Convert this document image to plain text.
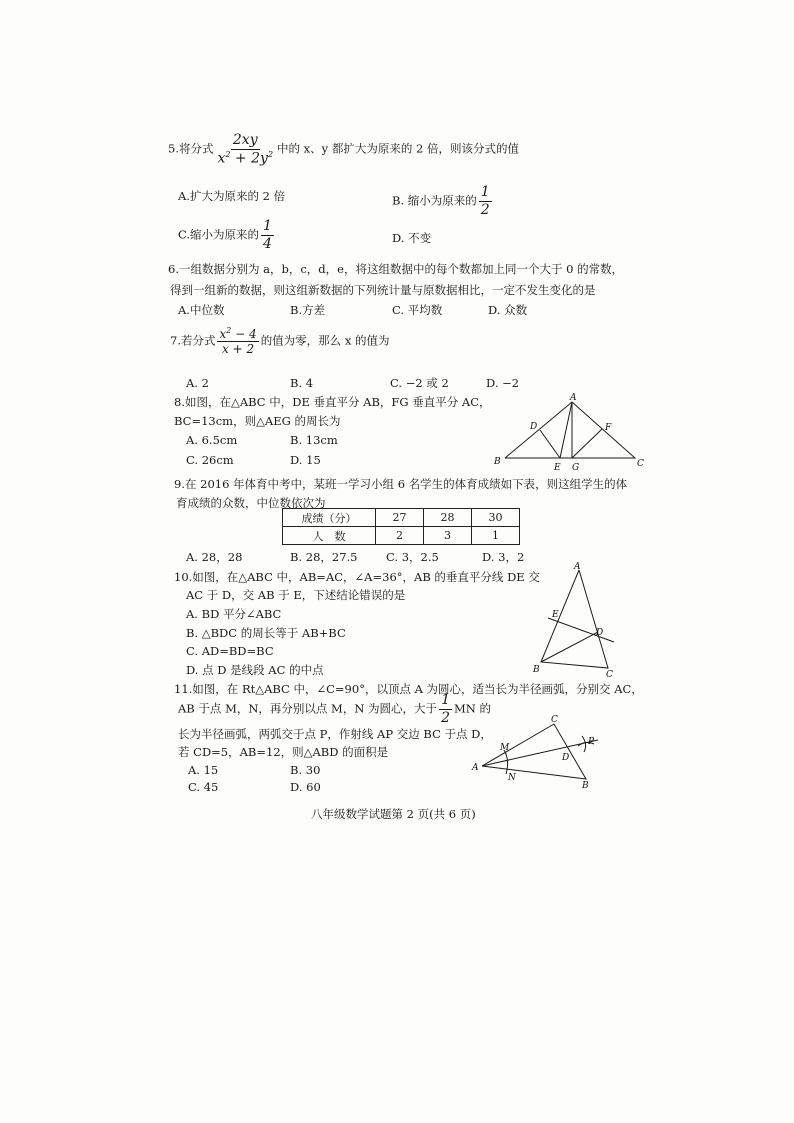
5.将分式 $\frac{2xy}{x^2 + 2y^2}$ 中的 x、y 都扩大为原来的 2 倍，则该分式的值
A.扩大为原来的 2 倍	B. 缩小为原来的 $\frac{1}{2}$
C.缩小为原来的 $\frac{1}{4}$	D. 不变
6.一组数据分别为 a，b，c，d，e，将这组数据中的每个数都加上同一个大于 0 的常数，
得到一组新的数据，则这组新数据的下列统计量与原数据相比，一定不发生变化的是
A.中位数	B.方差	C. 平均数	D. 众数
7.若分式 $\frac{x^2 - 4}{x + 2}$ 的值为零，那么 x 的值为
A. 2	B. 4	C. −2 或 2	D. −2
8.如图，在△ABC 中，DE 垂直平分 AB，FG 垂直平分 AC，
BC=13cm，则△AEG 的周长为
A. 6.5cm	B. 13cm
C. 26cm	D. 15
A
D	F
B
E G	C
9.在 2016 年体育中考中，某班一学习小组 6 名学生的体育成绩如下表，则这组学生的体
育成绩的众数，中位数依次为
成绩（分）	27	28	30
人　数	2	3	1
A. 28，28	B. 28，27.5 C. 3，2.5	D. 3，2
10.如图，在△ABC 中，AB=AC，∠A=36°，AB 的垂直平分线 DE 交
AC 于 D，交 AB 于 E，下述结论错误的是
A. BD 平分∠ABC
B. △BDC 的周长等于 AB+BC
C. AD=BD=BC
D. 点 D 是线段 AC 的中点
A
E
D
B	C
11.如图，在 Rt△ABC 中，∠C=90°，以顶点 A 为圆心，适当长为半径画弧，分别交 AC，
AB 于点 M，N，再分别以点 M，N 为圆心，大于 $\frac{1}{2}$ MN 的
长为半径画弧，两弧交于点 P，作射线 AP 交边 BC 于点 D，
若 CD=5，AB=12，则△ABD 的面积是
A. 15	B. 30
C. 45	D. 60
C
M
P
D
A
N
B
八年级数学试题第 2 页(共 6 页)
